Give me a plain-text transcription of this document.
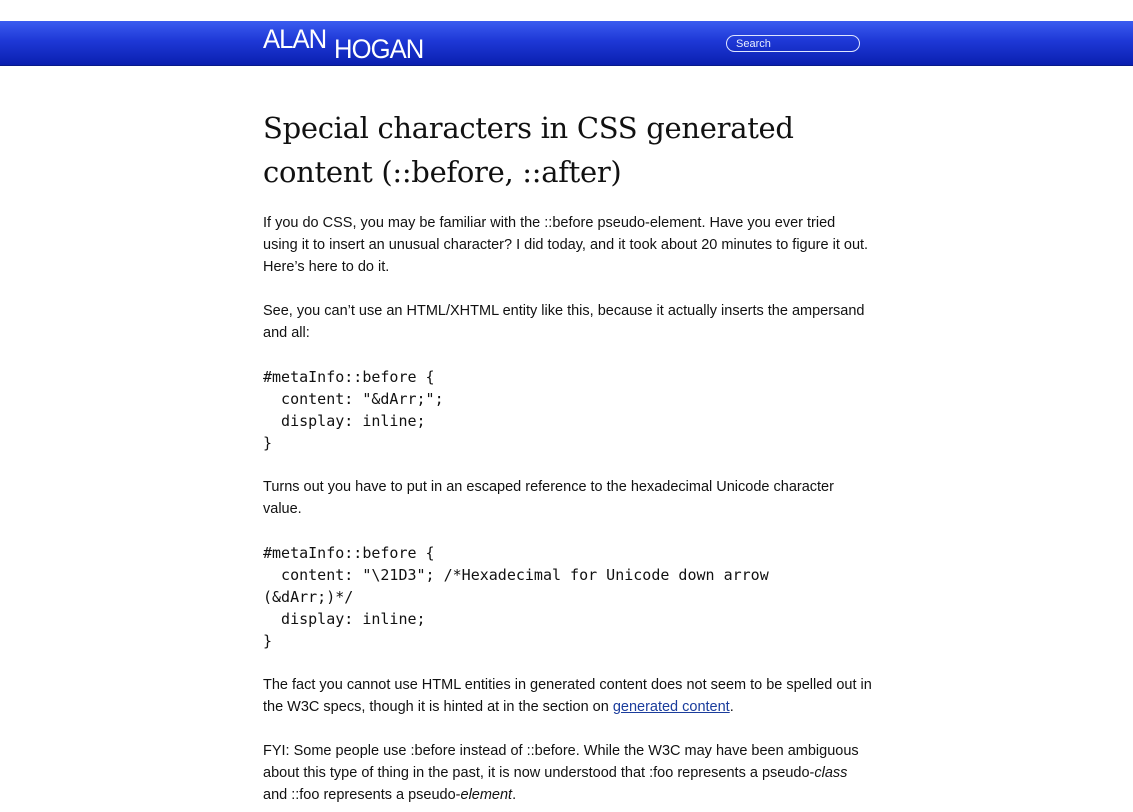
ALAN HOGAN
Search
Special characters in CSS generated content (::before, ::after)

If you do CSS, you may be familiar with the ::before pseudo-element. Have you ever tried using it to insert an unusual character? I did today, and it took about 20 minutes to figure it out. Here’s here to do it.

See, you can’t use an HTML/XHTML entity like this, because it actually inserts the ampersand and all:

#metaInfo::before {
content: "&dArr;";
display: inline;
}

Turns out you have to put in an escaped reference to the hexadecimal Unicode character value.

#metaInfo::before {
content: "\21D3"; /*Hexadecimal for Unicode down arrow
(&dArr;)*/
display: inline;
}

The fact you cannot use HTML entities in generated content does not seem to be spelled out in the W3C specs, though it is hinted at in the section on generated content.

FYI: Some people use :before instead of ::before. While the W3C may have been ambiguous about this type of thing in the past, it is now understood that :foo represents a pseudo-class and ::foo represents a pseudo-element.
